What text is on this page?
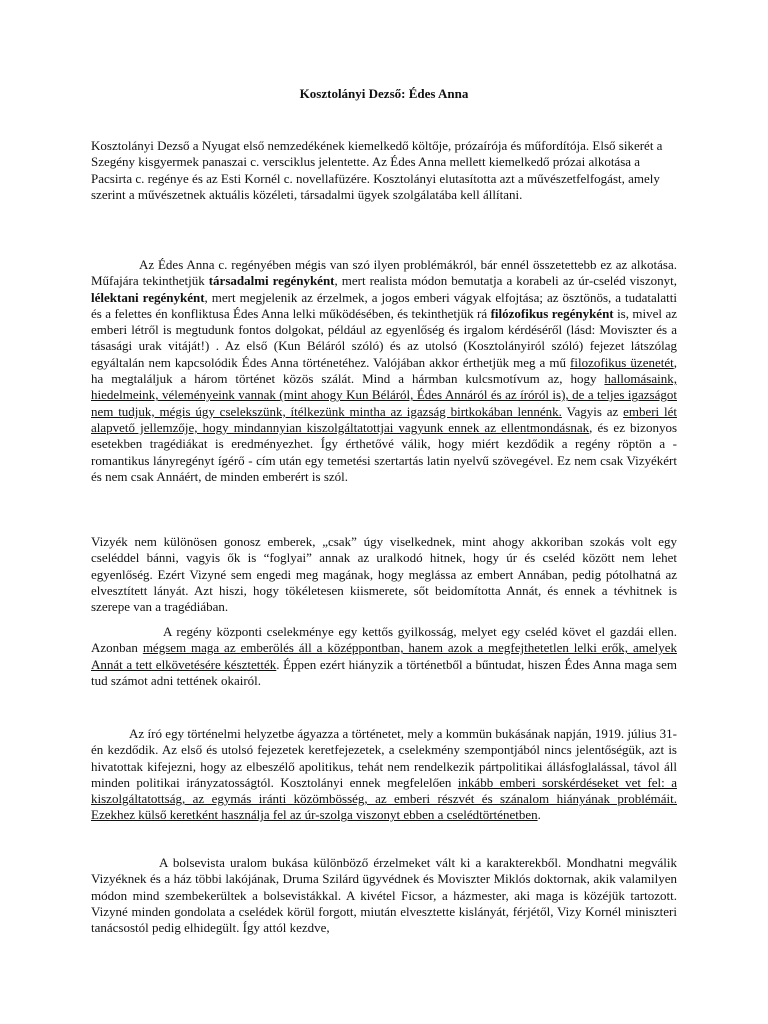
Kosztolányi Dezső: Édes Anna

Kosztolányi Dezső a Nyugat első nemzedékének kiemelkedő költője, prózaírója és műfordítója. Első sikerét a Szegény kisgyermek panaszai c. versciklus jelentette. Az Édes Anna mellett kiemelkedő prózai alkotása a Pacsirta c. regénye és az Esti Kornél c. novellafüzére. Kosztolányi elutasította azt a művészetfelfogást, amely szerint a művészetnek aktuális közéleti, társadalmi ügyek szolgálatába kell állítani.

Az Édes Anna c. regényében mégis van szó ilyen problémákról, bár ennél összetettebb ez az alkotása. Műfajára tekinthetjük társadalmi regényként, mert realista módon bemutatja a korabeli az úr-cseléd viszonyt, lélektani regényként, mert megjelenik az érzelmek, a jogos emberi vágyak elfojtása; az ösztönös, a tudatalatti és a felettes én konfliktusa Édes Anna lelki működésében, és tekinthetjük rá filózofikus regényként is, mivel az emberi létről is megtudunk fontos dolgokat, például az egyenlőség és irgalom kérdéséről (lásd: Moviszter és a tásasági urak vitáját!) . Az első (Kun Béláról szóló) és az utolsó (Kosztolányiról szóló) fejezet látszólag egyáltalán nem kapcsolódik Édes Anna történetéhez. Valójában akkor érthetjük meg a mű filozofikus üzenetét, ha megtaláljuk a három történet közös szálát. Mind a hármban kulcsmotívum az, hogy hallomásaink, hiedelmeink, véleményeink vannak (mint ahogy Kun Béláról, Édes Annáról és az íróról is), de a teljes igazságot nem tudjuk, mégis úgy cselekszünk, ítélkezünk mintha az igazság birtkokában lennénk. Vagyis az emberi lét alapvető jellemzője, hogy mindannyian kiszolgáltatottjai vagyunk ennek az ellentmondásnak, és ez bizonyos esetekben tragédiákat is eredményezhet. Így érthetővé válik, hogy miért kezdődik a regény röptön a - romantikus lányregényt ígérő - cím után egy temetési szertartás latin nyelvű szövegével. Ez nem csak Vizyékért és nem csak Annáért, de minden emberért is szól.

Vizyék nem különösen gonosz emberek, „csak” úgy viselkednek, mint ahogy akkoriban szokás volt egy cseléddel bánni, vagyis ők is “foglyai” annak az uralkodó hitnek, hogy úr és cseléd között nem lehet egyenlőség. Ezért Vizyné sem engedi meg magának, hogy meglássa az embert Annában, pedig pótolhatná az elvesztített lányát. Azt hiszi, hogy tökéletesen kiismerete, sőt beidomította Annát, és ennek a tévhitnek is szerepe van a tragédiában.

A regény központi cselekménye egy kettős gyilkosság, melyet egy cseléd követ el gazdái ellen. Azonban mégsem maga az emberölés áll a középpontban, hanem azok a megfejthetetlen lelki erők, amelyek Annát a tett elkövetésére késztették. Éppen ezért hiányzik a történetből a bűntudat, hiszen Édes Anna maga sem tud számot adni tettének okairól.

Az író egy történelmi helyzetbe ágyazza a történetet, mely a kommün bukásának napján, 1919. július 31-én kezdődik. Az első és utolsó fejezetek keretfejezetek, a cselekmény szempontjából nincs jelentőségük, azt is hivatottak kifejezni, hogy az elbeszélő apolitikus, tehát nem rendelkezik pártpolitikai állásfoglalással, távol áll minden politikai irányzatosságtól. Kosztolányi ennek megfelelően inkább emberi sorskérdéseket vet fel: a kiszolgáltatottság, az egymás iránti közömbösség, az emberi részvét és szánalom hiányának problémáit. Ezekhez külső keretként használja fel az úr-szolga viszonyt ebben a cselédtörténetben.

A bolsevista uralom bukása különböző érzelmeket vált ki a karakterekből. Mondhatni megválik Vizyéknek és a ház többi lakójának, Druma Szilárd ügyvédnek és Moviszter Miklós doktornak, akik valamilyen módon mind szembekerültek a bolsevistákkal. A kivétel Ficsor, a házmester, aki maga is közéjük tartozott. Vizyné minden gondolata a cselédek körül forgott, miután elvesztette kislányát, férjétől, Vizy Kornél miniszteri tanácsostól pedig elhidegült. Így attól kezdve,
